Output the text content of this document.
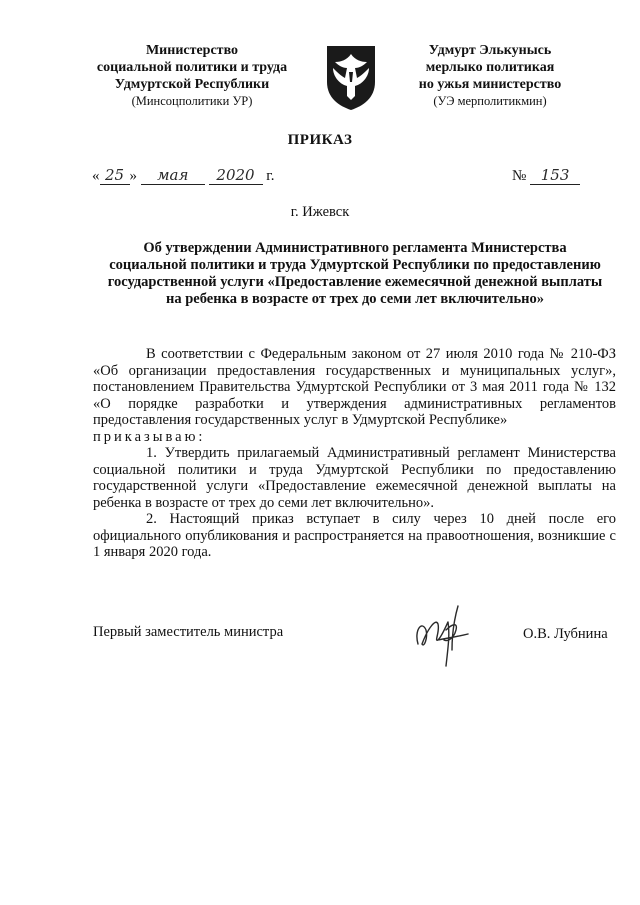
Министерство
социальной политики и труда
Удмуртской Республики
(Минсоцполитики УР)
Удмурт Элькунысь
мерлыко политикая
но ужья министерство
(УЭ мерполитикмин)
ПРИКАЗ
« 25 » мая 2020 г.	№ 153
г. Ижевск
Об утверждении Административного регламента Министерства
социальной политики и труда Удмуртской Республики по предоставлению
государственной услуги «Предоставление ежемесячной денежной выплаты
на ребенка в возрасте от трех до семи лет включительно»

В соответствии с Федеральным законом от 27 июля 2010 года № 210-ФЗ «Об организации предоставления государственных и муниципальных услуг», постановлением Правительства Удмуртской Республики от 3 мая 2011 года № 132 «О порядке разработки и утверждения административных регламентов предоставления государственных услуг в Удмуртской Республике»

приказываю:

1. Утвердить прилагаемый Административный регламент Министерства социальной политики и труда Удмуртской Республики по предоставлению государственной услуги «Предоставление ежемесячной денежной выплаты на ребенка в возрасте от трех до семи лет включительно».

2. Настоящий приказ вступает в силу через 10 дней после его официального опубликования и распространяется на правоотношения, возникшие с 1 января 2020 года.

Первый заместитель министра	О.В. Лубнина
